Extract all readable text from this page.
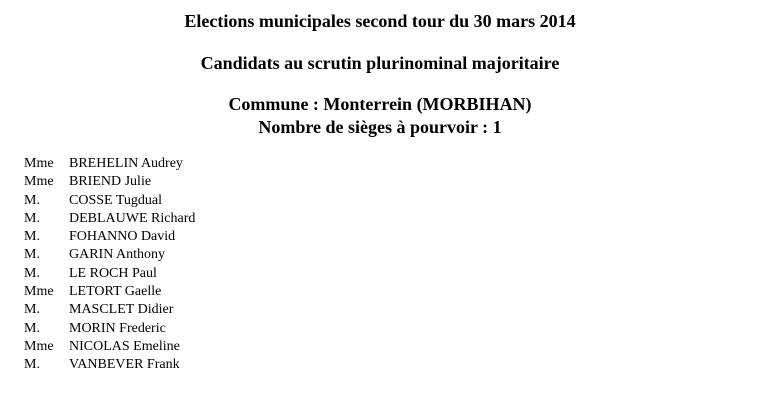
Elections municipales second tour du 30 mars 2014
Candidats au scrutin plurinominal majoritaire
Commune : Monterrein (MORBIHAN)
Nombre de sièges à pourvoir : 1
Mme BREHELIN Audrey
Mme BRIEND Julie
M. COSSE Tugdual
M. DEBLAUWE Richard
M. FOHANNO David
M. GARIN Anthony
M. LE ROCH Paul
Mme LETORT Gaelle
M. MASCLET Didier
M. MORIN Frederic
Mme NICOLAS Emeline
M. VANBEVER Frank
